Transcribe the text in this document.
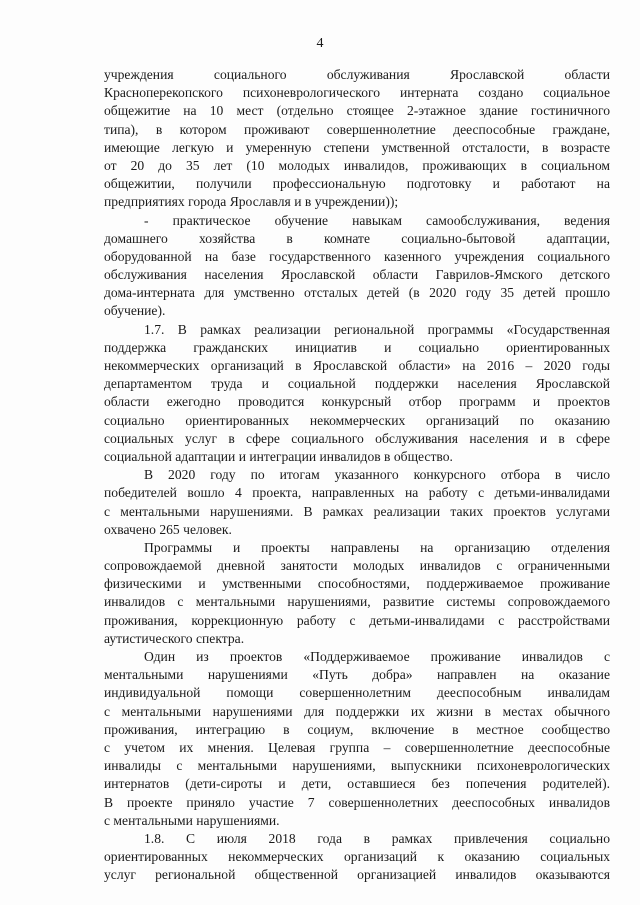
4
учреждения социального обслуживания Ярославской области
Красноперекопского психоневрологического интерната создано социальное
общежитие на 10 мест (отдельно стоящее 2-этажное здание гостиничного
типа), в котором проживают совершеннолетние дееспособные граждане,
имеющие легкую и умеренную степени умственной отсталости, в возрасте
от 20 до 35 лет (10 молодых инвалидов, проживающих в социальном
общежитии, получили профессиональную подготовку и работают на
предприятиях города Ярославля и в учреждении));
- практическое обучение навыкам самообслуживания, ведения
домашнего хозяйства в комнате социально-бытовой адаптации,
оборудованной на базе государственного казенного учреждения социального
обслуживания населения Ярославской области Гаврилов-Ямского детского
дома-интерната для умственно отсталых детей (в 2020 году 35 детей прошло
обучение).
1.7. В рамках реализации региональной программы «Государственная
поддержка гражданских инициатив и социально ориентированных
некоммерческих организаций в Ярославской области» на 2016 – 2020 годы
департаментом труда и социальной поддержки населения Ярославской
области ежегодно проводится конкурсный отбор программ и проектов
социально ориентированных некоммерческих организаций по оказанию
социальных услуг в сфере социального обслуживания населения и в сфере
социальной адаптации и интеграции инвалидов в общество.
В 2020 году по итогам указанного конкурсного отбора в число
победителей вошло 4 проекта, направленных на работу с детьми-инвалидами
с ментальными нарушениями. В рамках реализации таких проектов услугами
охвачено 265 человек.
Программы и проекты направлены на организацию отделения
сопровождаемой дневной занятости молодых инвалидов с ограниченными
физическими и умственными способностями, поддерживаемое проживание
инвалидов с ментальными нарушениями, развитие системы сопровождаемого
проживания, коррекционную работу с детьми-инвалидами с расстройствами
аутистического спектра.
Один из проектов «Поддерживаемое проживание инвалидов с
ментальными нарушениями «Путь добра» направлен на оказание
индивидуальной помощи совершеннолетним дееспособным инвалидам
с ментальными нарушениями для поддержки их жизни в местах обычного
проживания, интеграцию в социум, включение в местное сообщество
с учетом их мнения. Целевая группа – совершеннолетние дееспособные
инвалиды с ментальными нарушениями, выпускники психоневрологических
интернатов (дети-сироты и дети, оставшиеся без попечения родителей).
В проекте приняло участие 7 совершеннолетних дееспособных инвалидов
с ментальными нарушениями.
1.8. С июля 2018 года в рамках привлечения социально
ориентированных некоммерческих организаций к оказанию социальных
услуг региональной общественной организацией инвалидов оказываются
